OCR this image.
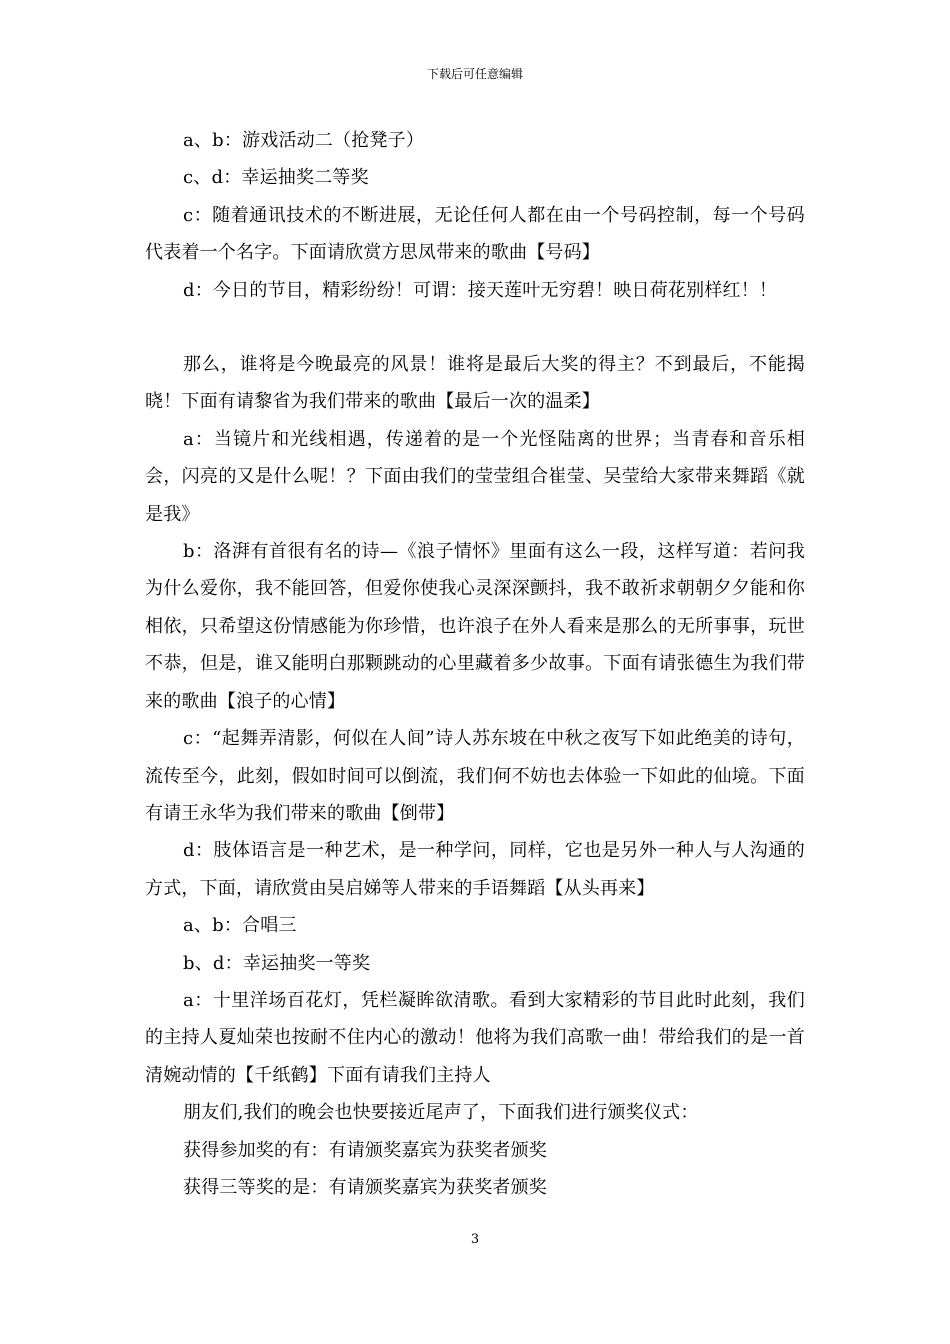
下载后可任意编辑

a、b：游戏活动二（抢凳子）

c、d：幸运抽奖二等奖

c：随着通讯技术的不断进展，无论任何人都在由一个号码控制，每一个号码代表着一个名字。下面请欣赏方思凤带来的歌曲【号码】

d：今日的节目，精彩纷纷！可谓：接天莲叶无穷碧！映日荷花别样红！！

那么，谁将是今晚最亮的风景！谁将是最后大奖的得主？不到最后，不能揭晓！下面有请黎省为我们带来的歌曲【最后一次的温柔】

a：当镜片和光线相遇，传递着的是一个光怪陆离的世界；当青春和音乐相会，闪亮的又是什么呢！？下面由我们的莹莹组合崔莹、吴莹给大家带来舞蹈《就是我》

b：洛湃有首很有名的诗—《浪子情怀》里面有这么一段，这样写道：若问我为什么爱你，我不能回答，但爱你使我心灵深深颤抖，我不敢祈求朝朝夕夕能和你相依，只希望这份情感能为你珍惜，也许浪子在外人看来是那么的无所事事，玩世不恭，但是，谁又能明白那颗跳动的心里藏着多少故事。下面有请张德生为我们带来的歌曲【浪子的心情】

c：“起舞弄清影，何似在人间”诗人苏东坡在中秋之夜写下如此绝美的诗句，流传至今，此刻，假如时间可以倒流，我们何不妨也去体验一下如此的仙境。下面有请王永华为我们带来的歌曲【倒带】

d：肢体语言是一种艺术，是一种学问，同样，它也是另外一种人与人沟通的方式，下面，请欣赏由吴启娣等人带来的手语舞蹈【从头再来】

a、b：合唱三

b、d：幸运抽奖一等奖

a：十里洋场百花灯，凭栏凝眸欲清歌。看到大家精彩的节目此时此刻，我们的主持人夏灿荣也按耐不住内心的激动！他将为我们高歌一曲！带给我们的是一首清婉动情的【千纸鹤】下面有请我们主持人

朋友们,我们的晚会也快要接近尾声了，下面我们进行颁奖仪式：

获得参加奖的有：有请颁奖嘉宾为获奖者颁奖

获得三等奖的是：有请颁奖嘉宾为获奖者颁奖

3
